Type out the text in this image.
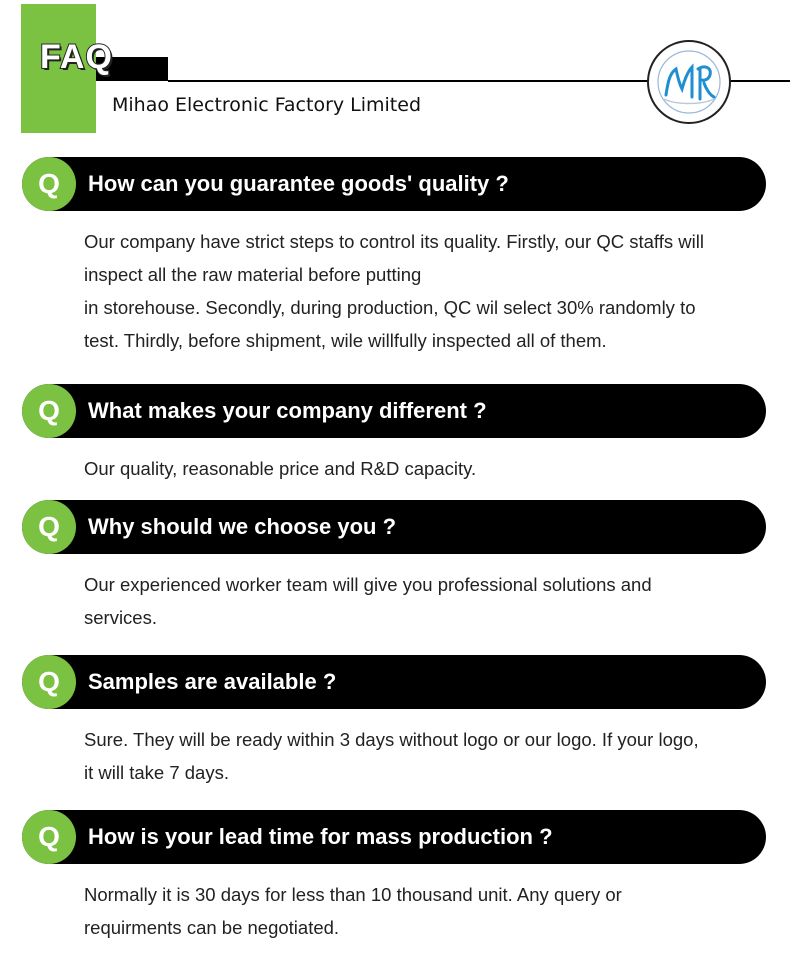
FAQ
Mihao Electronic Factory Limited
Q	How can you guarantee goods' quality ?
Our company have strict steps to control its quality. Firstly, our QC staffs will
inspect all the raw material before putting
in storehouse. Secondly, during production, QC wil select 30% randomly to
test. Thirdly, before shipment, wile willfully inspected all of them.
Q	What makes your company different ?
Our quality, reasonable price and R&D capacity.
Q	Why should we choose you ?
Our experienced worker team will give you professional solutions and
services.
Q	Samples are available ?
Sure. They will be ready within 3 days without logo or our logo. If your logo,
it will take 7 days.
Q	How is your lead time for mass production ?
Normally it is 30 days for less than 10 thousand unit. Any query or
requirments can be negotiated.
